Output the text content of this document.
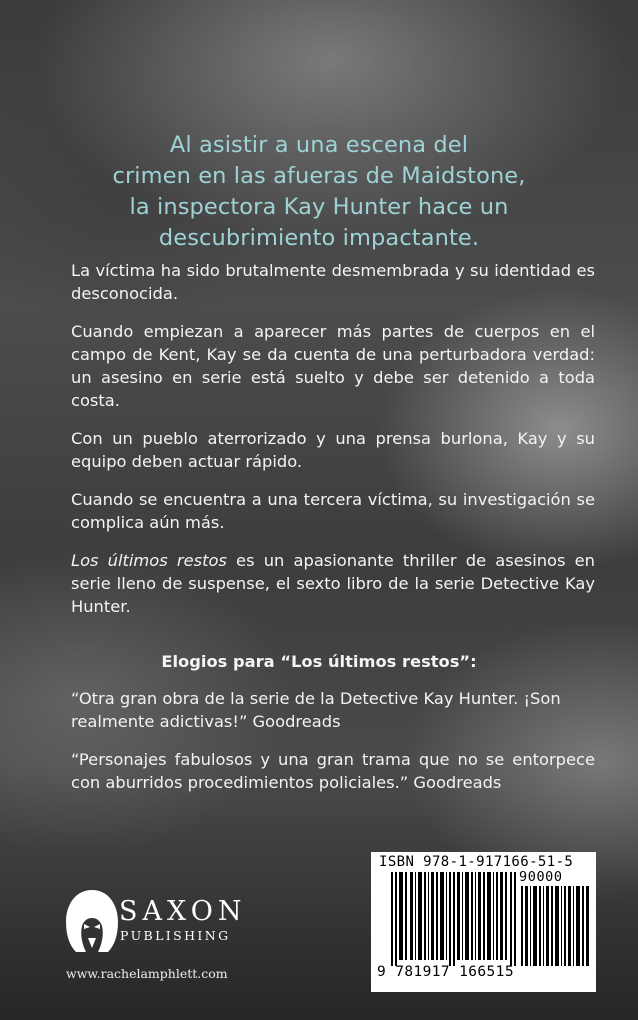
Al asistir a una escena del
crimen en las afueras de Maidstone,
la inspectora Kay Hunter hace un
descubrimiento impactante.

La víctima ha sido brutalmente desmembrada y su identidad es desconocida.

Cuando empiezan a aparecer más partes de cuerpos en el campo de Kent, Kay se da cuenta de una perturbadora verdad: un asesino en serie está suelto y debe ser detenido a toda costa.

Con un pueblo aterrorizado y una prensa burlona, Kay y su equipo deben actuar rápido.

Cuando se encuentra a una tercera víctima, su investigación se complica aún más.

Los últimos restos es un apasionante thriller de asesinos en serie lleno de suspense, el sexto libro de la serie Detective Kay Hunter.

Elogios para “Los últimos restos”:

“Otra gran obra de la serie de la Detective Kay Hunter. ¡Son realmente adictivas!” Goodreads

“Personajes fabulosos y una gran trama que no se entorpece con aburridos procedimientos policiales.” Goodreads

SAXON
PUBLISHING
www.rachelamphlett.com
ISBN 978-1-917166-51-5
90000
9 781917 166515
